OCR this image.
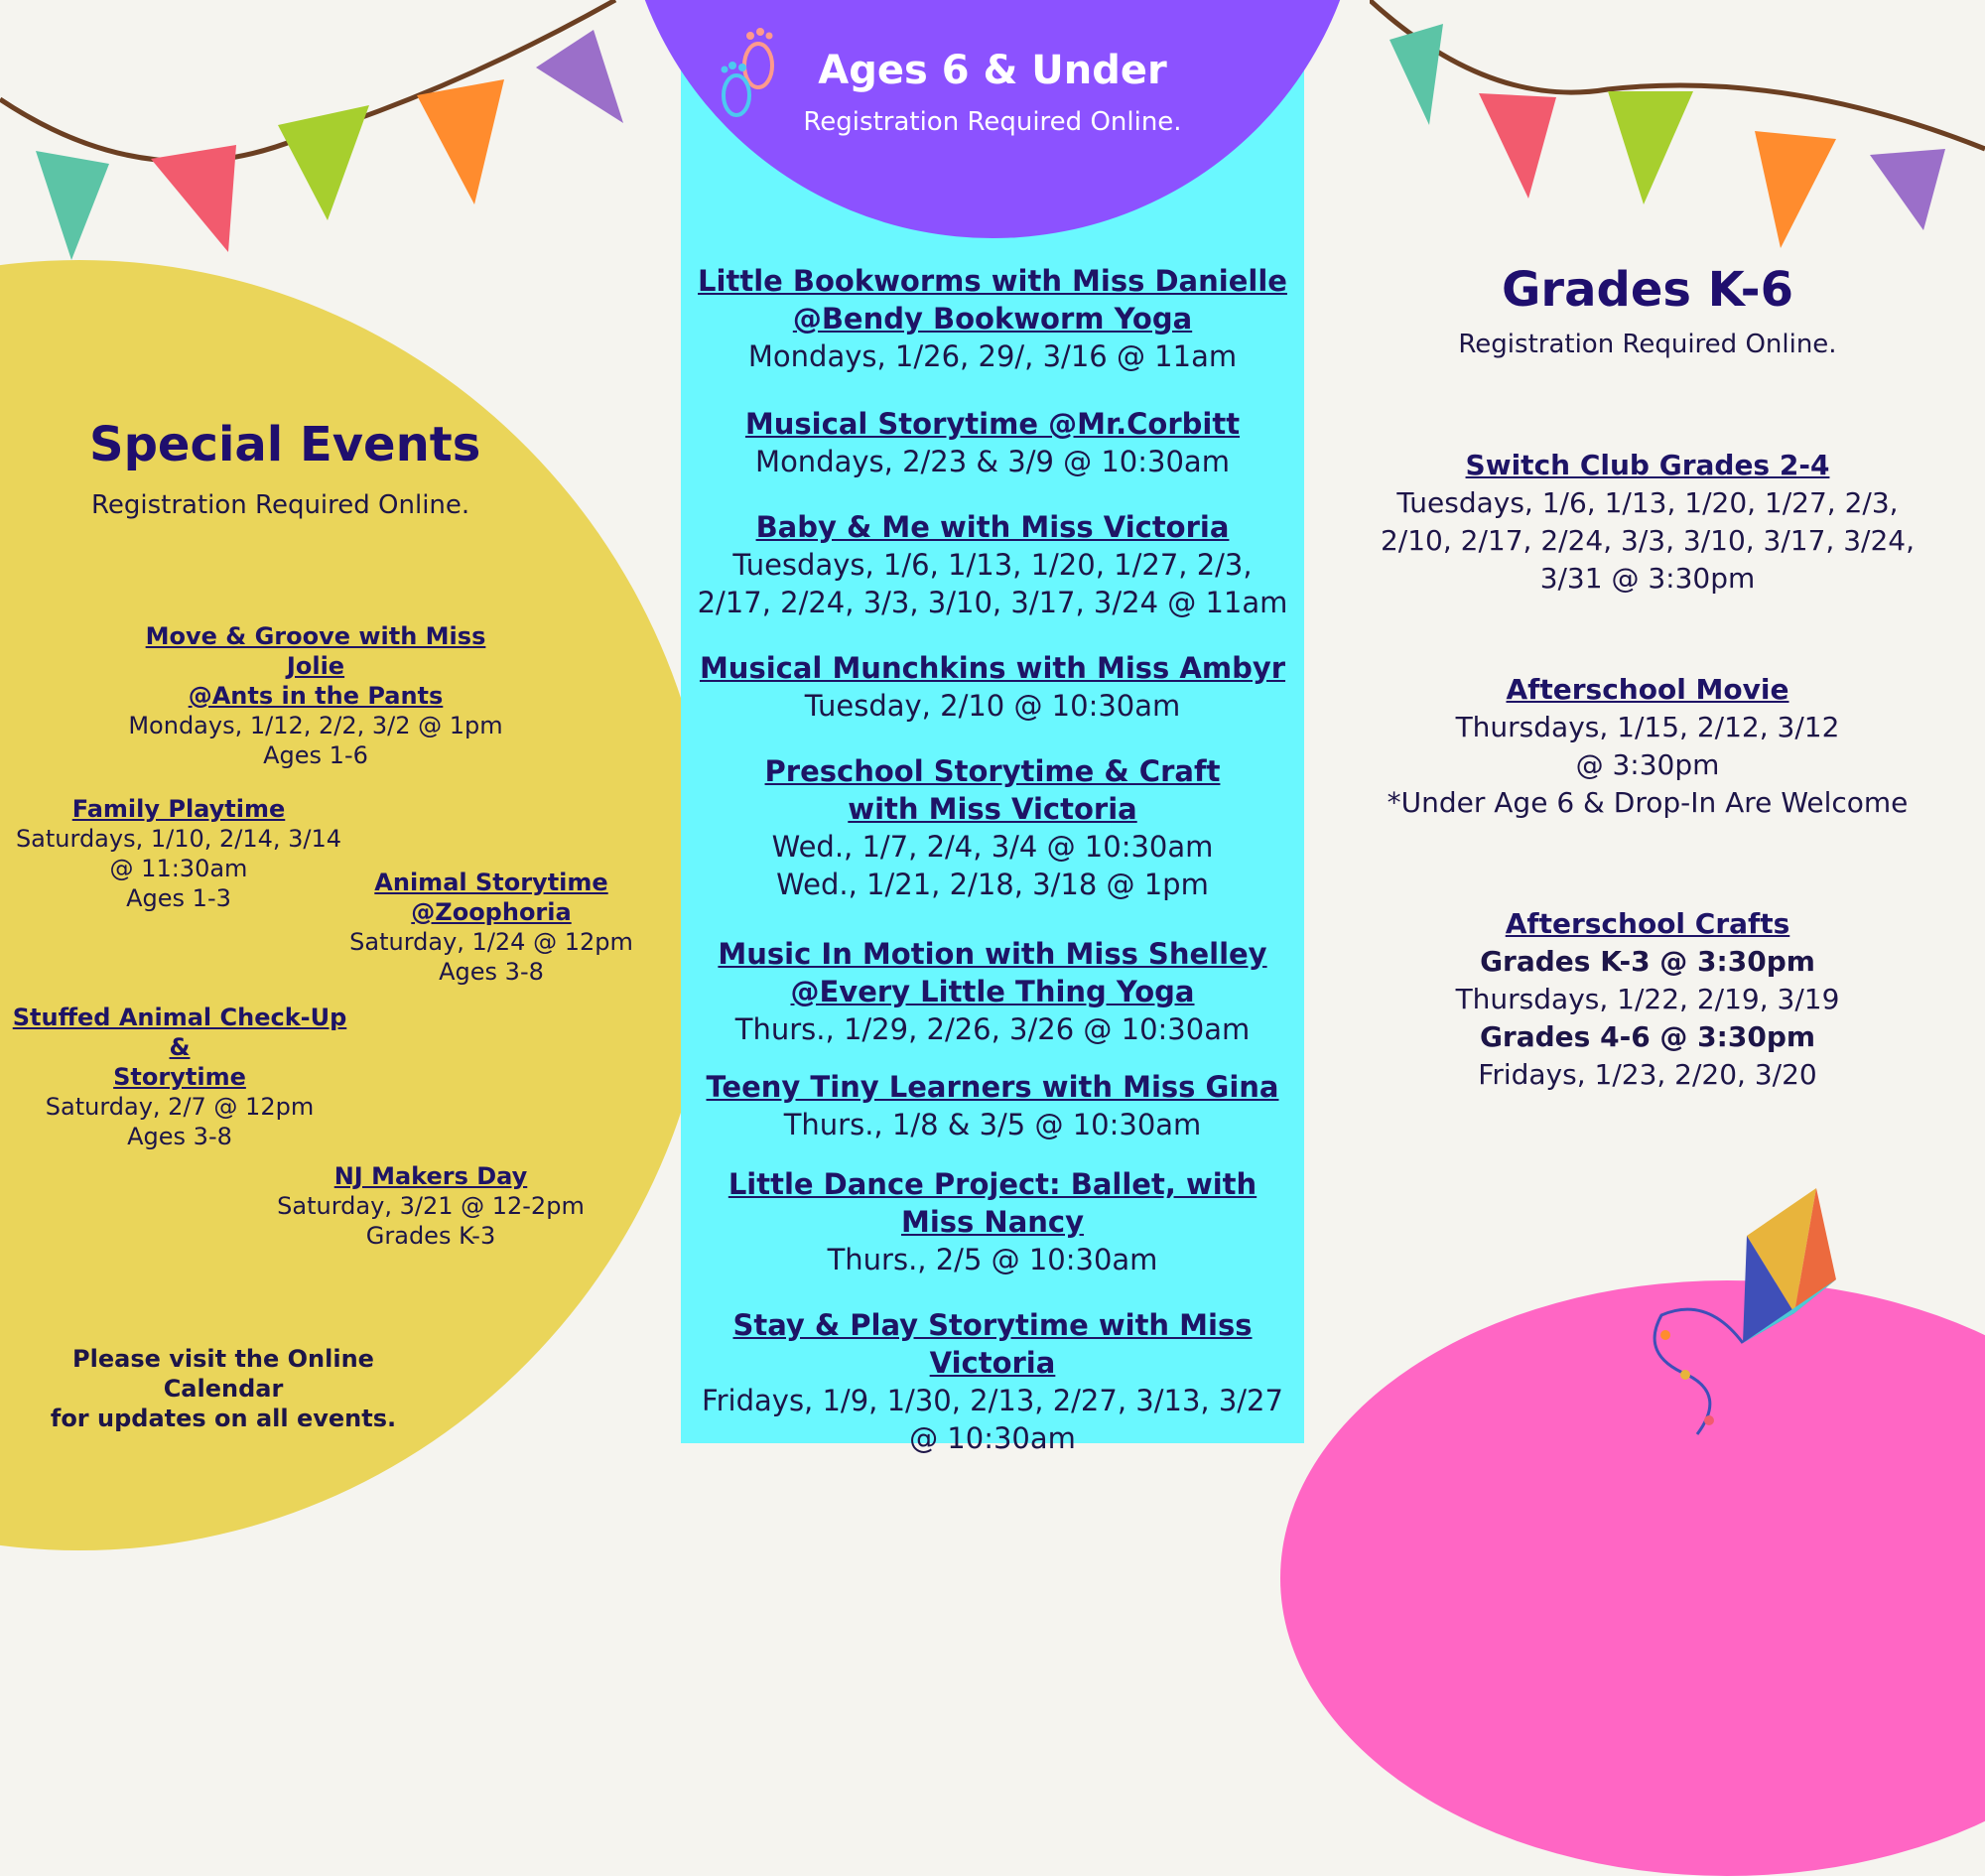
Ages 6 & Under
Registration Required Online.
Little Bookworms with Miss Danielle
@Bendy Bookworm Yoga
Mondays, 1/26, 29/, 3/16 @ 11am
Musical Storytime @Mr.Corbitt
Mondays, 2/23 & 3/9 @ 10:30am
Baby & Me with Miss Victoria
Tuesdays, 1/6, 1/13, 1/20, 1/27, 2/3,
2/17, 2/24, 3/3, 3/10, 3/17, 3/24 @ 11am
Musical Munchkins with Miss Ambyr
Tuesday, 2/10 @ 10:30am
Preschool Storytime & Craft
with Miss Victoria
Wed., 1/7, 2/4, 3/4 @ 10:30am
Wed., 1/21, 2/18, 3/18 @ 1pm
Music In Motion with Miss Shelley
@Every Little Thing Yoga
Thurs., 1/29, 2/26, 3/26 @ 10:30am
Teeny Tiny Learners with Miss Gina
Thurs., 1/8 & 3/5 @ 10:30am
Little Dance Project: Ballet, with
Miss Nancy
Thurs., 2/5 @ 10:30am
Stay & Play Storytime with Miss Victoria
Fridays, 1/9, 1/30, 2/13, 2/27, 3/13, 3/27
@ 10:30am
Special Events
Registration Required Online.
Move & Groove with Miss Jolie
@Ants in the Pants
Mondays, 1/12, 2/2, 3/2 @ 1pm
Ages 1-6
Family Playtime
Saturdays, 1/10, 2/14, 3/14
@ 11:30am
Ages 1-3
Animal Storytime
@Zoophoria
Saturday, 1/24 @ 12pm
Ages 3-8
Stuffed Animal Check-Up &
Storytime
Saturday, 2/7 @ 12pm
Ages 3-8
NJ Makers Day
Saturday, 3/21 @ 12-2pm
Grades K-3
Please visit the Online Calendar
for updates on all events.
Grades K-6
Registration Required Online.
Switch Club Grades 2-4
Tuesdays, 1/6, 1/13, 1/20, 1/27, 2/3,
2/10, 2/17, 2/24, 3/3, 3/10, 3/17, 3/24,
3/31 @ 3:30pm
Afterschool Movie
Thursdays, 1/15, 2/12, 3/12
@ 3:30pm
*Under Age 6 & Drop-In Are Welcome
Afterschool Crafts
Grades K-3 @ 3:30pm
Thursdays, 1/22, 2/19, 3/19
Grades 4-6 @ 3:30pm
Fridays, 1/23, 2/20, 3/20
